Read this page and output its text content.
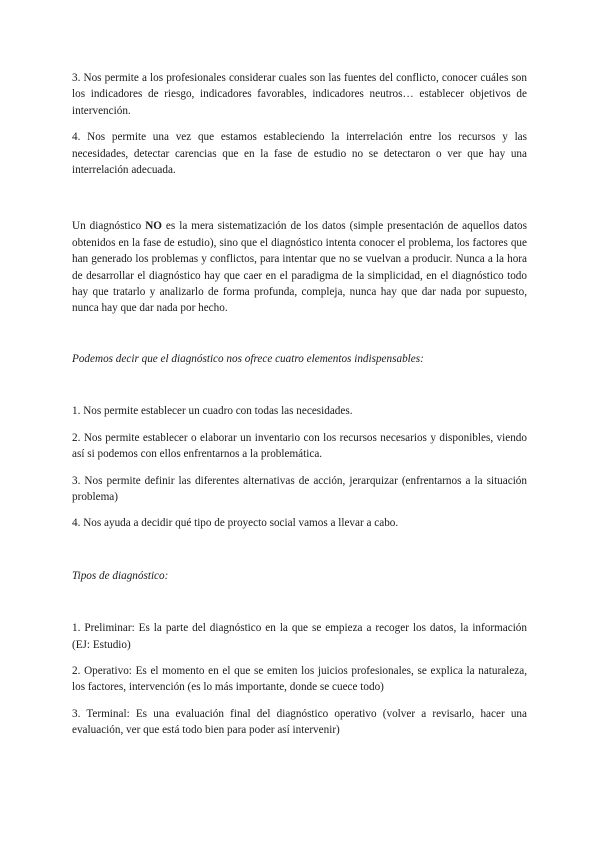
3. Nos permite a los profesionales considerar cuales son las fuentes del conflicto, conocer cuáles son los indicadores de riesgo, indicadores favorables, indicadores neutros… establecer objetivos de intervención.

4. Nos permite una vez que estamos estableciendo la interrelación entre los recursos y las necesidades, detectar carencias que en la fase de estudio no se detectaron o ver que hay una interrelación adecuada.

Un diagnóstico NO es la mera sistematización de los datos (simple presentación de aquellos datos obtenidos en la fase de estudio), sino que el diagnóstico intenta conocer el problema, los factores que han generado los problemas y conflictos, para intentar que no se vuelvan a producir. Nunca a la hora de desarrollar el diagnóstico hay que caer en el paradigma de la simplicidad, en el diagnóstico todo hay que tratarlo y analizarlo de forma profunda, compleja, nunca hay que dar nada por supuesto, nunca hay que dar nada por hecho.

Podemos decir que el diagnóstico nos ofrece cuatro elementos indispensables:

1. Nos permite establecer un cuadro con todas las necesidades.

2. Nos permite establecer o elaborar un inventario con los recursos necesarios y disponibles, viendo así si podemos con ellos enfrentarnos a la problemática.

3. Nos permite definir las diferentes alternativas de acción, jerarquizar (enfrentarnos a la situación problema)

4. Nos ayuda a decidir qué tipo de proyecto social vamos a llevar a cabo.

Tipos de diagnóstico:

1. Preliminar: Es la parte del diagnóstico en la que se empieza a recoger los datos, la información (EJ: Estudio)

2. Operativo: Es el momento en el que se emiten los juicios profesionales, se explica la naturaleza, los factores, intervención (es lo más importante, donde se cuece todo)

3. Terminal: Es una evaluación final del diagnóstico operativo (volver a revisarlo, hacer una evaluación, ver que está todo bien para poder así intervenir)
